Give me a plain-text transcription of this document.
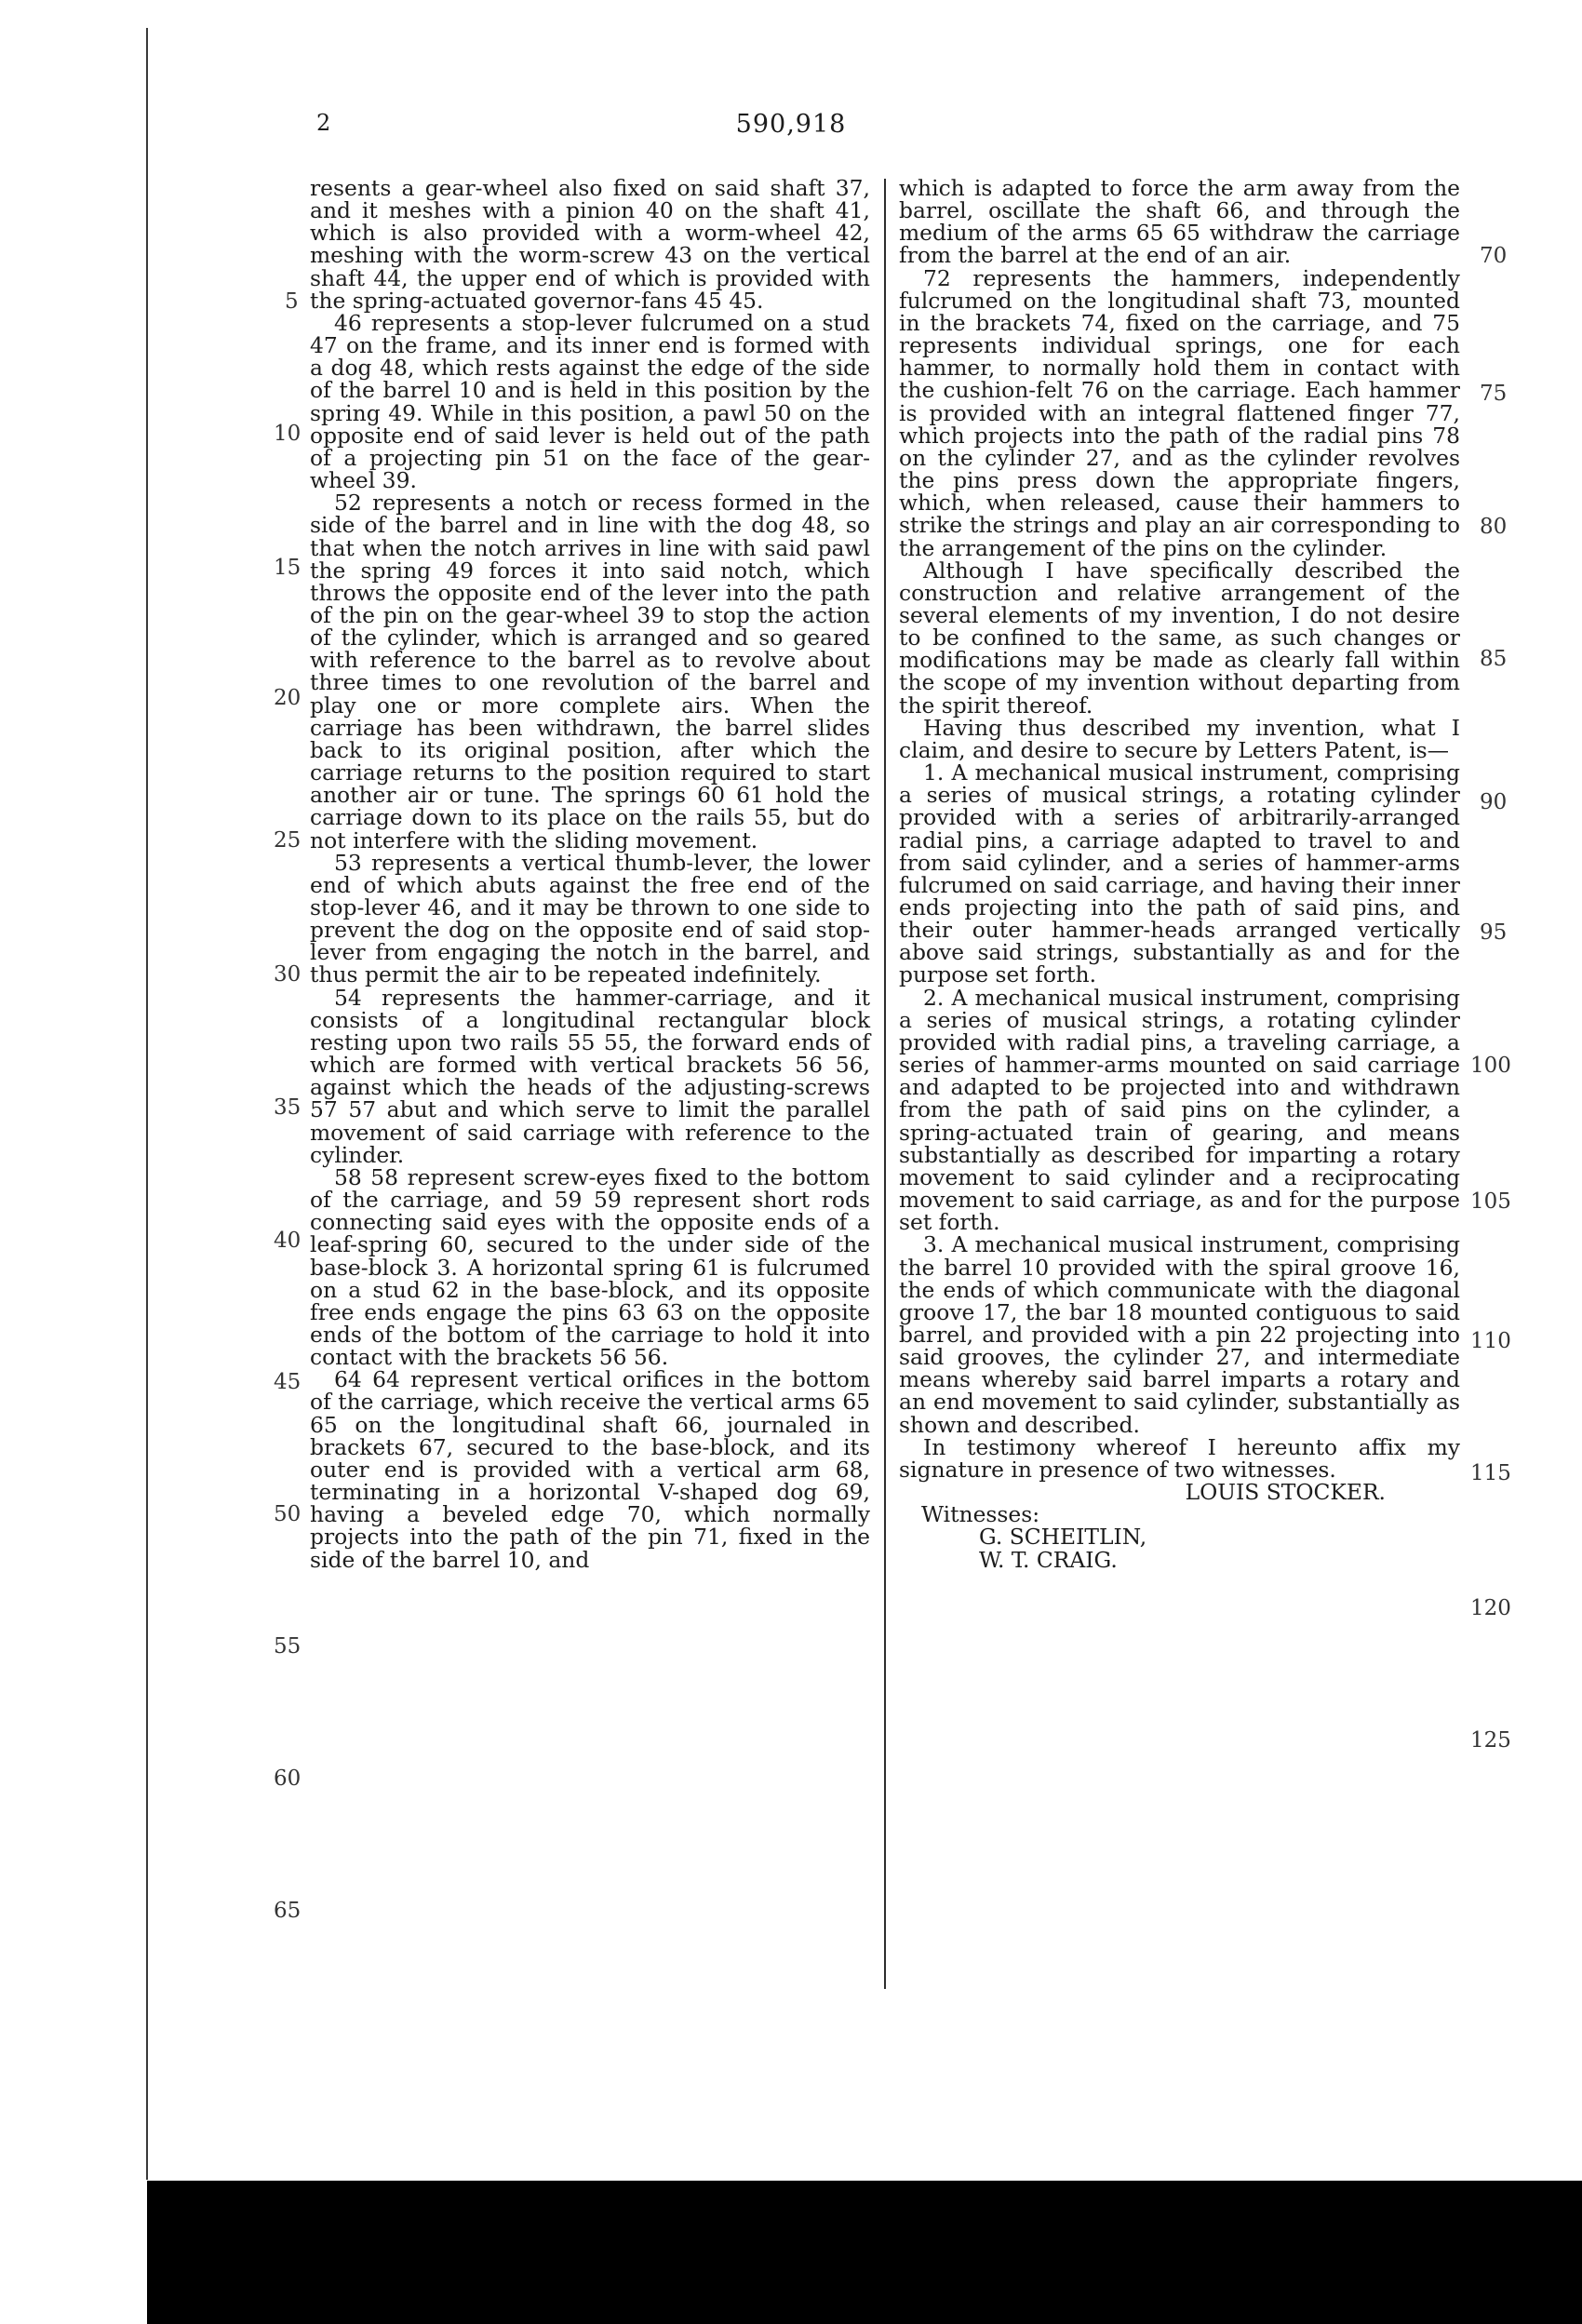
2	590,918

resents a gear-wheel also fixed on said shaft 37, and it meshes with a pinion 40 on the shaft 41, which is also provided with a worm-wheel 42, meshing with the worm-screw 43 on the vertical shaft 44, the upper end of which is provided with the spring-actuated governor-fans 45 45.

46 represents a stop-lever fulcrumed on a stud 47 on the frame, and its inner end is formed with a dog 48, which rests against the edge of the side of the barrel 10 and is held in this position by the spring 49. While in this position, a pawl 50 on the opposite end of said lever is held out of the path of a projecting pin 51 on the face of the gear-wheel 39.

52 represents a notch or recess formed in the side of the barrel and in line with the dog 48, so that when the notch arrives in line with said pawl the spring 49 forces it into said notch, which throws the opposite end of the lever into the path of the pin on the gear-wheel 39 to stop the action of the cylinder, which is arranged and so geared with reference to the barrel as to revolve about three times to one revolution of the barrel and play one or more complete airs. When the carriage has been withdrawn, the barrel slides back to its original position, after which the carriage returns to the position required to start another air or tune. The springs 60 61 hold the carriage down to its place on the rails 55, but do not interfere with the sliding movement.

53 represents a vertical thumb-lever, the lower end of which abuts against the free end of the stop-lever 46, and it may be thrown to one side to prevent the dog on the opposite end of said stop-lever from engaging the notch in the barrel, and thus permit the air to be repeated indefinitely.

54 represents the hammer-carriage, and it consists of a longitudinal rectangular block resting upon two rails 55 55, the forward ends of which are formed with vertical brackets 56 56, against which the heads of the adjusting-screws 57 57 abut and which serve to limit the parallel movement of said carriage with reference to the cylinder.

58 58 represent screw-eyes fixed to the bottom of the carriage, and 59 59 represent short rods connecting said eyes with the opposite ends of a leaf-spring 60, secured to the under side of the base-block 3. A horizontal spring 61 is fulcrumed on a stud 62 in the base-block, and its opposite free ends engage the pins 63 63 on the opposite ends of the bottom of the carriage to hold it into contact with the brackets 56 56.

64 64 represent vertical orifices in the bottom of the carriage, which receive the vertical arms 65 65 on the longitudinal shaft 66, journaled in brackets 67, secured to the base-block, and its outer end is provided with a vertical arm 68, terminating in a horizontal V-shaped dog 69, having a beveled edge 70, which normally projects into the path of the pin 71, fixed in the side of the barrel 10, and

which is adapted to force the arm away from the barrel, oscillate the shaft 66, and through the medium of the arms 65 65 withdraw the carriage from the barrel at the end of an air.

72 represents the hammers, independently fulcrumed on the longitudinal shaft 73, mounted in the brackets 74, fixed on the carriage, and 75 represents individual springs, one for each hammer, to normally hold them in contact with the cushion-felt 76 on the carriage. Each hammer is provided with an integral flattened finger 77, which projects into the path of the radial pins 78 on the cylinder 27, and as the cylinder revolves the pins press down the appropriate fingers, which, when released, cause their hammers to strike the strings and play an air corresponding to the arrangement of the pins on the cylinder.

Although I have specifically described the construction and relative arrangement of the several elements of my invention, I do not desire to be confined to the same, as such changes or modifications may be made as clearly fall within the scope of my invention without departing from the spirit thereof.

Having thus described my invention, what I claim, and desire to secure by Letters Patent, is—

1. A mechanical musical instrument, comprising a series of musical strings, a rotating cylinder provided with a series of arbitrarily-arranged radial pins, a carriage adapted to travel to and from said cylinder, and a series of hammer-arms fulcrumed on said carriage, and having their inner ends projecting into the path of said pins, and their outer hammer-heads arranged vertically above said strings, substantially as and for the purpose set forth.

2. A mechanical musical instrument, comprising a series of musical strings, a rotating cylinder provided with radial pins, a traveling carriage, a series of hammer-arms mounted on said carriage and adapted to be projected into and withdrawn from the path of said pins on the cylinder, a spring-actuated train of gearing, and means substantially as described for imparting a rotary movement to said cylinder and a reciprocating movement to said carriage, as and for the purpose set forth.

3. A mechanical musical instrument, comprising the barrel 10 provided with the spiral groove 16, the ends of which communicate with the diagonal groove 17, the bar 18 mounted contiguous to said barrel, and provided with a pin 22 projecting into said grooves, the cylinder 27, and intermediate means whereby said barrel imparts a rotary and an end movement to said cylinder, substantially as shown and described.

In testimony whereof I hereunto affix my signature in presence of two witnesses.

LOUIS STOCKER.
Witnesses:
G. SCHEITLIN,
W. T. CRAIG.
5
10
15
20
25
30
35
40
45
50
55
60
65
70
75
80
85
90
95
100
105
110
115
120
125
